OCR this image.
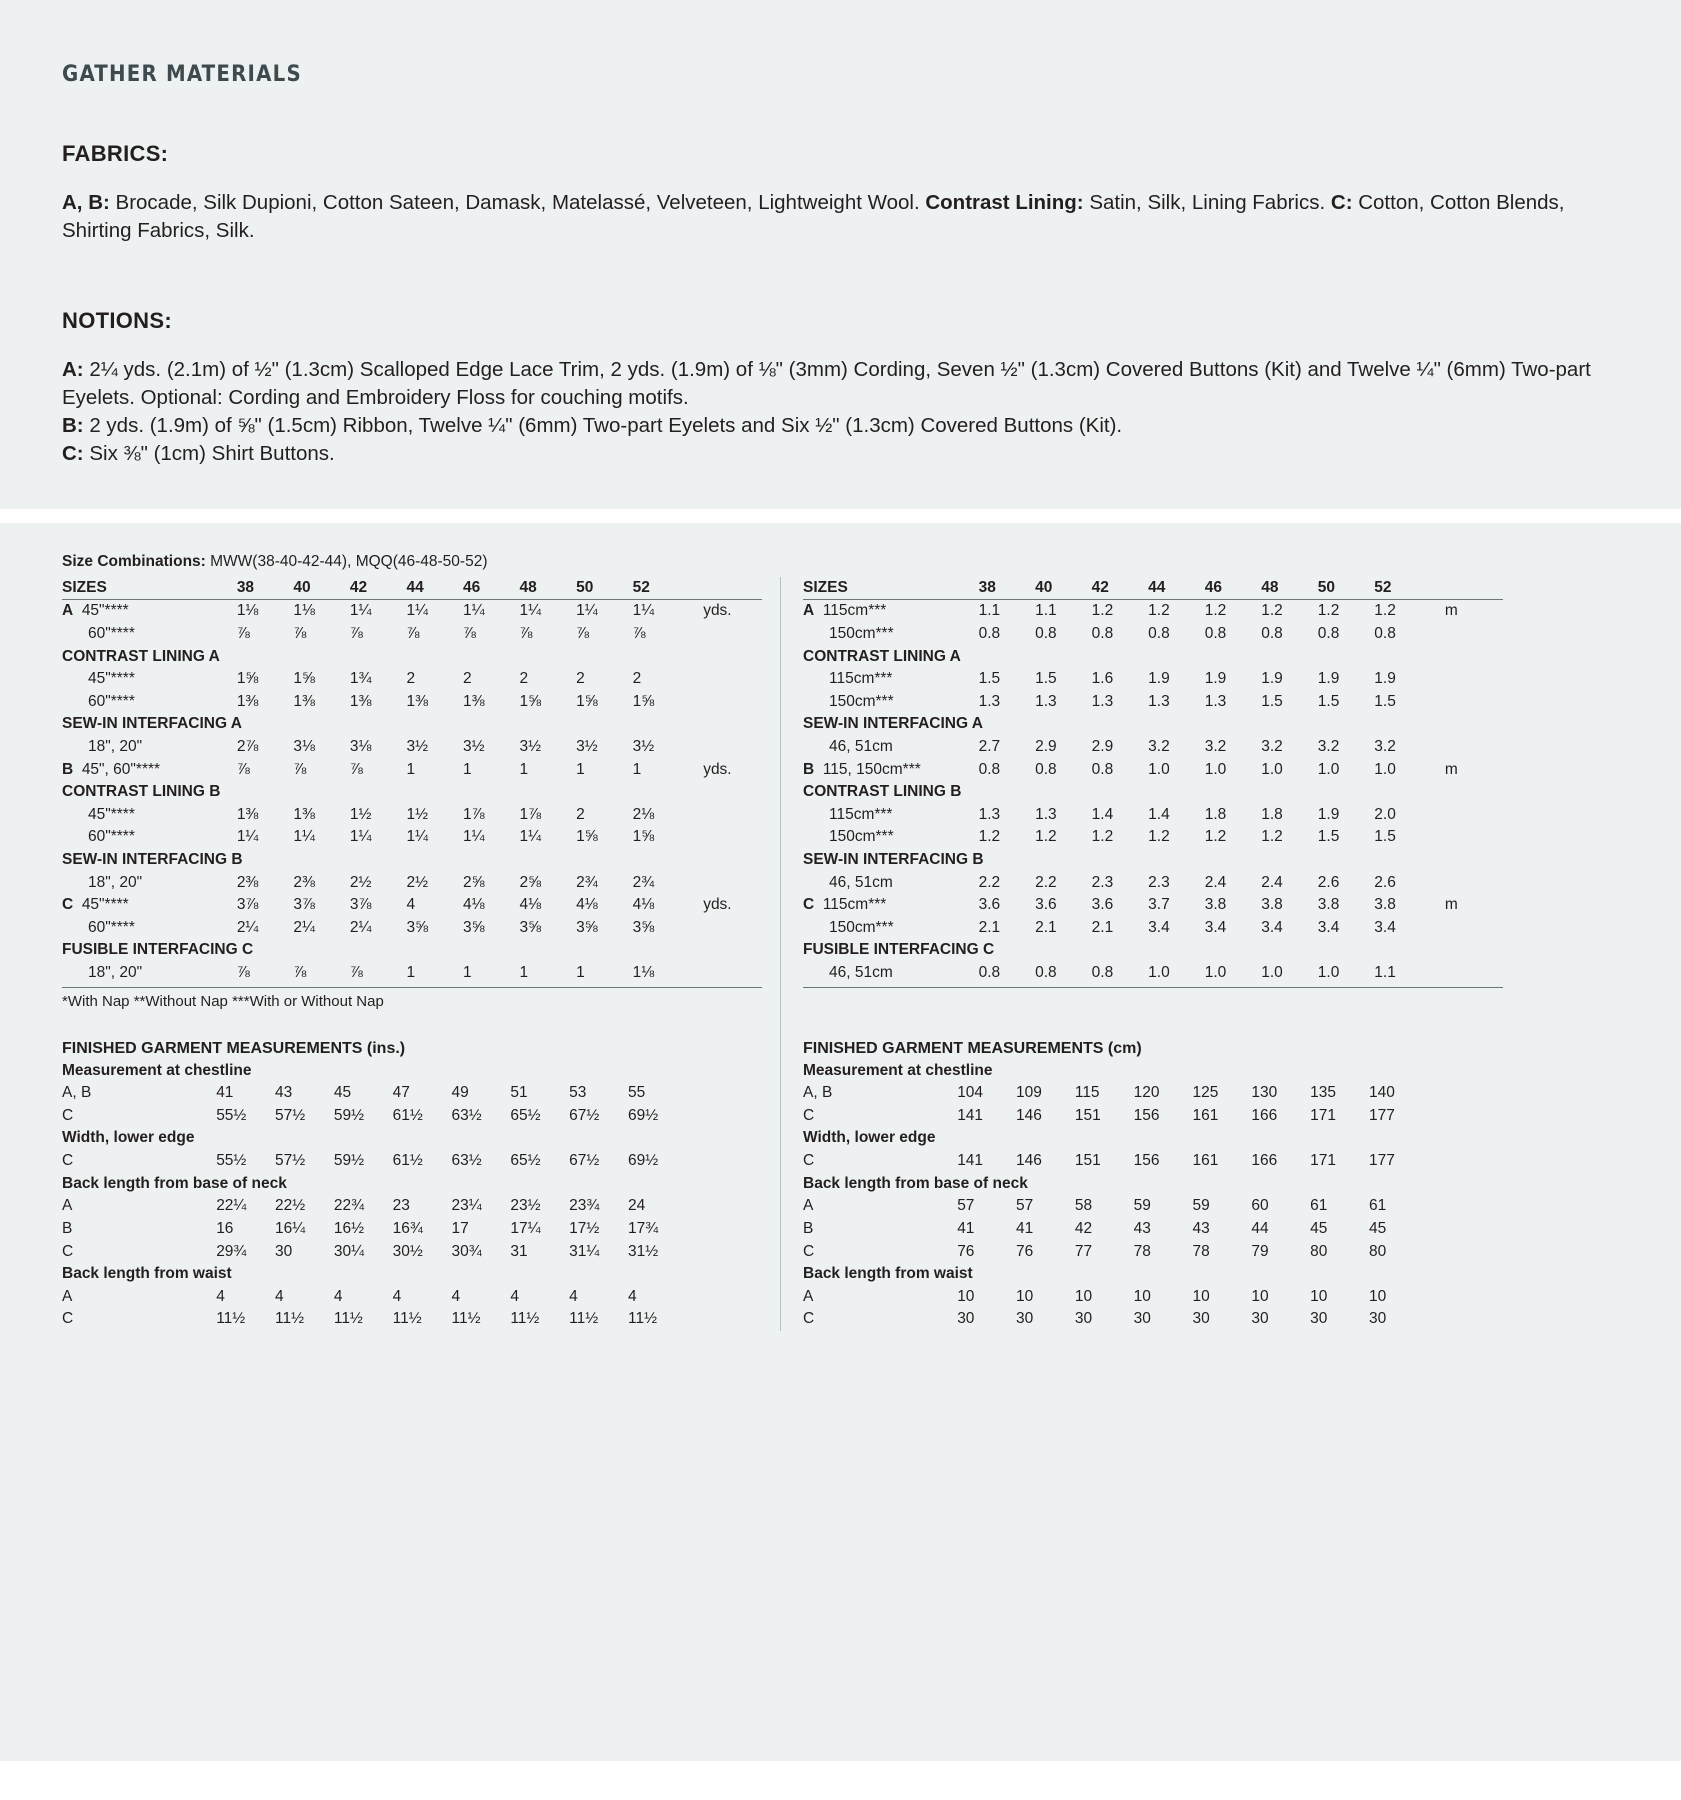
GATHER MATERIALS
FABRICS:

A, B: Brocade, Silk Dupioni, Cotton Sateen, Damask, Matelassé, Velveteen, Lightweight Wool. Contrast Lining: Satin, Silk, Lining Fabrics. C: Cotton, Cotton Blends, Shirting Fabrics, Silk.

NOTIONS:

A: 2¼ yds. (2.1m) of ½" (1.3cm) Scalloped Edge Lace Trim, 2 yds. (1.9m) of ⅛" (3mm) Cording, Seven ½" (1.3cm) Covered Buttons (Kit) and Twelve ¼" (6mm) Two-part Eyelets. Optional: Cording and Embroidery Floss for couching motifs.
B: 2 yds. (1.9m) of ⅝" (1.5cm) Ribbon, Twelve ¼" (6mm) Two-part Eyelets and Six ½" (1.3cm) Covered Buttons (Kit).
C: Six ⅜" (1cm) Shirt Buttons.

Size Combinations: MWW(38-40-42-44), MQQ(46-48-50-52)
SIZES	38	40	42	44	46	48	50	52	
A  45"****	1⅛	1⅛	1¼	1¼	1¼	1¼	1¼	1¼	yds.
60"****	⅞	⅞	⅞	⅞	⅞	⅞	⅞	⅞	
CONTRAST LINING A									
45"****	1⅝	1⅝	1¾	2	2	2	2	2	
60"****	1⅜	1⅜	1⅜	1⅜	1⅜	1⅝	1⅝	1⅝	
SEW-IN INTERFACING A									
18", 20"	2⅞	3⅛	3⅛	3½	3½	3½	3½	3½	
B  45", 60"****	⅞	⅞	⅞	1	1	1	1	1	yds.
CONTRAST LINING B									
45"****	1⅜	1⅜	1½	1½	1⅞	1⅞	2	2⅛	
60"****	1¼	1¼	1¼	1¼	1¼	1¼	1⅝	1⅝	
SEW-IN INTERFACING B									
18", 20"	2⅜	2⅜	2½	2½	2⅝	2⅝	2¾	2¾	
C  45"****	3⅞	3⅞	3⅞	4	4⅛	4⅛	4⅛	4⅛	yds.
60"****	2¼	2¼	2¼	3⅝	3⅝	3⅝	3⅝	3⅝	
FUSIBLE INTERFACING C									
18", 20"	⅞	⅞	⅞	1	1	1	1	1⅛	
*With Nap **Without Nap ***With or Without Nap
FINISHED GARMENT MEASUREMENTS (ins.)
Measurement at chestline									
A, B	41	43	45	47	49	51	53	55	
C	55½	57½	59½	61½	63½	65½	67½	69½	
Width, lower edge									
C	55½	57½	59½	61½	63½	65½	67½	69½	
Back length from base of neck									
A	22¼	22½	22¾	23	23¼	23½	23¾	24	
B	16	16¼	16½	16¾	17	17¼	17½	17¾	
C	29¾	30	30¼	30½	30¾	31	31¼	31½	
Back length from waist									
A	4	4	4	4	4	4	4	4	
C	11½	11½	11½	11½	11½	11½	11½	11½	
SIZES	38	40	42	44	46	48	50	52	
A  115cm***	1.1	1.1	1.2	1.2	1.2	1.2	1.2	1.2	m
150cm***	0.8	0.8	0.8	0.8	0.8	0.8	0.8	0.8	
CONTRAST LINING A									
115cm***	1.5	1.5	1.6	1.9	1.9	1.9	1.9	1.9	
150cm***	1.3	1.3	1.3	1.3	1.3	1.5	1.5	1.5	
SEW-IN INTERFACING A									
46, 51cm	2.7	2.9	2.9	3.2	3.2	3.2	3.2	3.2	
B  115, 150cm***	0.8	0.8	0.8	1.0	1.0	1.0	1.0	1.0	m
CONTRAST LINING B									
115cm***	1.3	1.3	1.4	1.4	1.8	1.8	1.9	2.0	
150cm***	1.2	1.2	1.2	1.2	1.2	1.2	1.5	1.5	
SEW-IN INTERFACING B									
46, 51cm	2.2	2.2	2.3	2.3	2.4	2.4	2.6	2.6	
C  115cm***	3.6	3.6	3.6	3.7	3.8	3.8	3.8	3.8	m
150cm***	2.1	2.1	2.1	3.4	3.4	3.4	3.4	3.4	
FUSIBLE INTERFACING C									
46, 51cm	0.8	0.8	0.8	1.0	1.0	1.0	1.0	1.1	

FINISHED GARMENT MEASUREMENTS (cm)
Measurement at chestline									
A, B	104	109	115	120	125	130	135	140	
C	141	146	151	156	161	166	171	177	
Width, lower edge									
C	141	146	151	156	161	166	171	177	
Back length from base of neck									
A	57	57	58	59	59	60	61	61	
B	41	41	42	43	43	44	45	45	
C	76	76	77	78	78	79	80	80	
Back length from waist									
A	10	10	10	10	10	10	10	10	
C	30	30	30	30	30	30	30	30	
